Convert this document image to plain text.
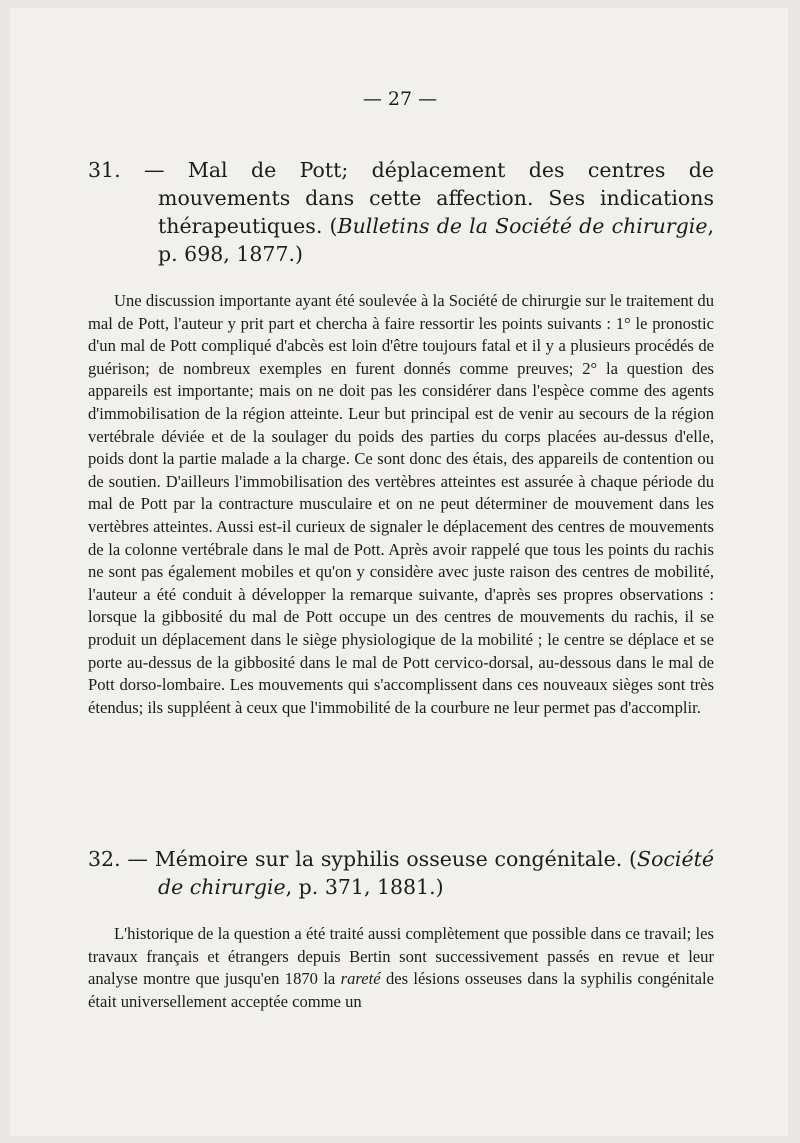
— 27 —
31. — Mal de Pott; déplacement des centres de mouvements dans cette affection. Ses indications thérapeutiques. (Bulletins de la Société de chirurgie, p. 698, 1877.)

Une discussion importante ayant été soulevée à la Société de chirurgie sur le traitement du mal de Pott, l'auteur y prit part et chercha à faire ressortir les points suivants : 1° le pronostic d'un mal de Pott compliqué d'abcès est loin d'être toujours fatal et il y a plusieurs procédés de guérison; de nombreux exemples en furent donnés comme preuves; 2° la question des appareils est importante; mais on ne doit pas les considérer dans l'espèce comme des agents d'immobilisation de la région atteinte. Leur but principal est de venir au secours de la région vertébrale déviée et de la soulager du poids des parties du corps placées au-dessus d'elle, poids dont la partie malade a la charge. Ce sont donc des étais, des appareils de contention ou de soutien. D'ailleurs l'immobilisation des vertèbres atteintes est assurée à chaque période du mal de Pott par la contracture musculaire et on ne peut déterminer de mouvement dans les vertèbres atteintes. Aussi est-il curieux de signaler le déplacement des centres de mouvements de la colonne vertébrale dans le mal de Pott. Après avoir rappelé que tous les points du rachis ne sont pas également mobiles et qu'on y considère avec juste raison des centres de mobilité, l'auteur a été conduit à développer la remarque suivante, d'après ses propres observations : lorsque la gibbosité du mal de Pott occupe un des centres de mouvements du rachis, il se produit un déplacement dans le siège physiologique de la mobilité ; le centre se déplace et se porte au-dessus de la gibbosité dans le mal de Pott cervico-dorsal, au-dessous dans le mal de Pott dorso-lombaire. Les mouvements qui s'accomplissent dans ces nouveaux sièges sont très étendus; ils suppléent à ceux que l'immobilité de la courbure ne leur permet pas d'accomplir.

32. — Mémoire sur la syphilis osseuse congénitale. (Société de chirurgie, p. 371, 1881.)

L'historique de la question a été traité aussi complètement que possible dans ce travail; les travaux français et étrangers depuis Bertin sont successivement passés en revue et leur analyse montre que jusqu'en 1870 la rareté des lésions osseuses dans la syphilis congénitale était universellement acceptée comme un
